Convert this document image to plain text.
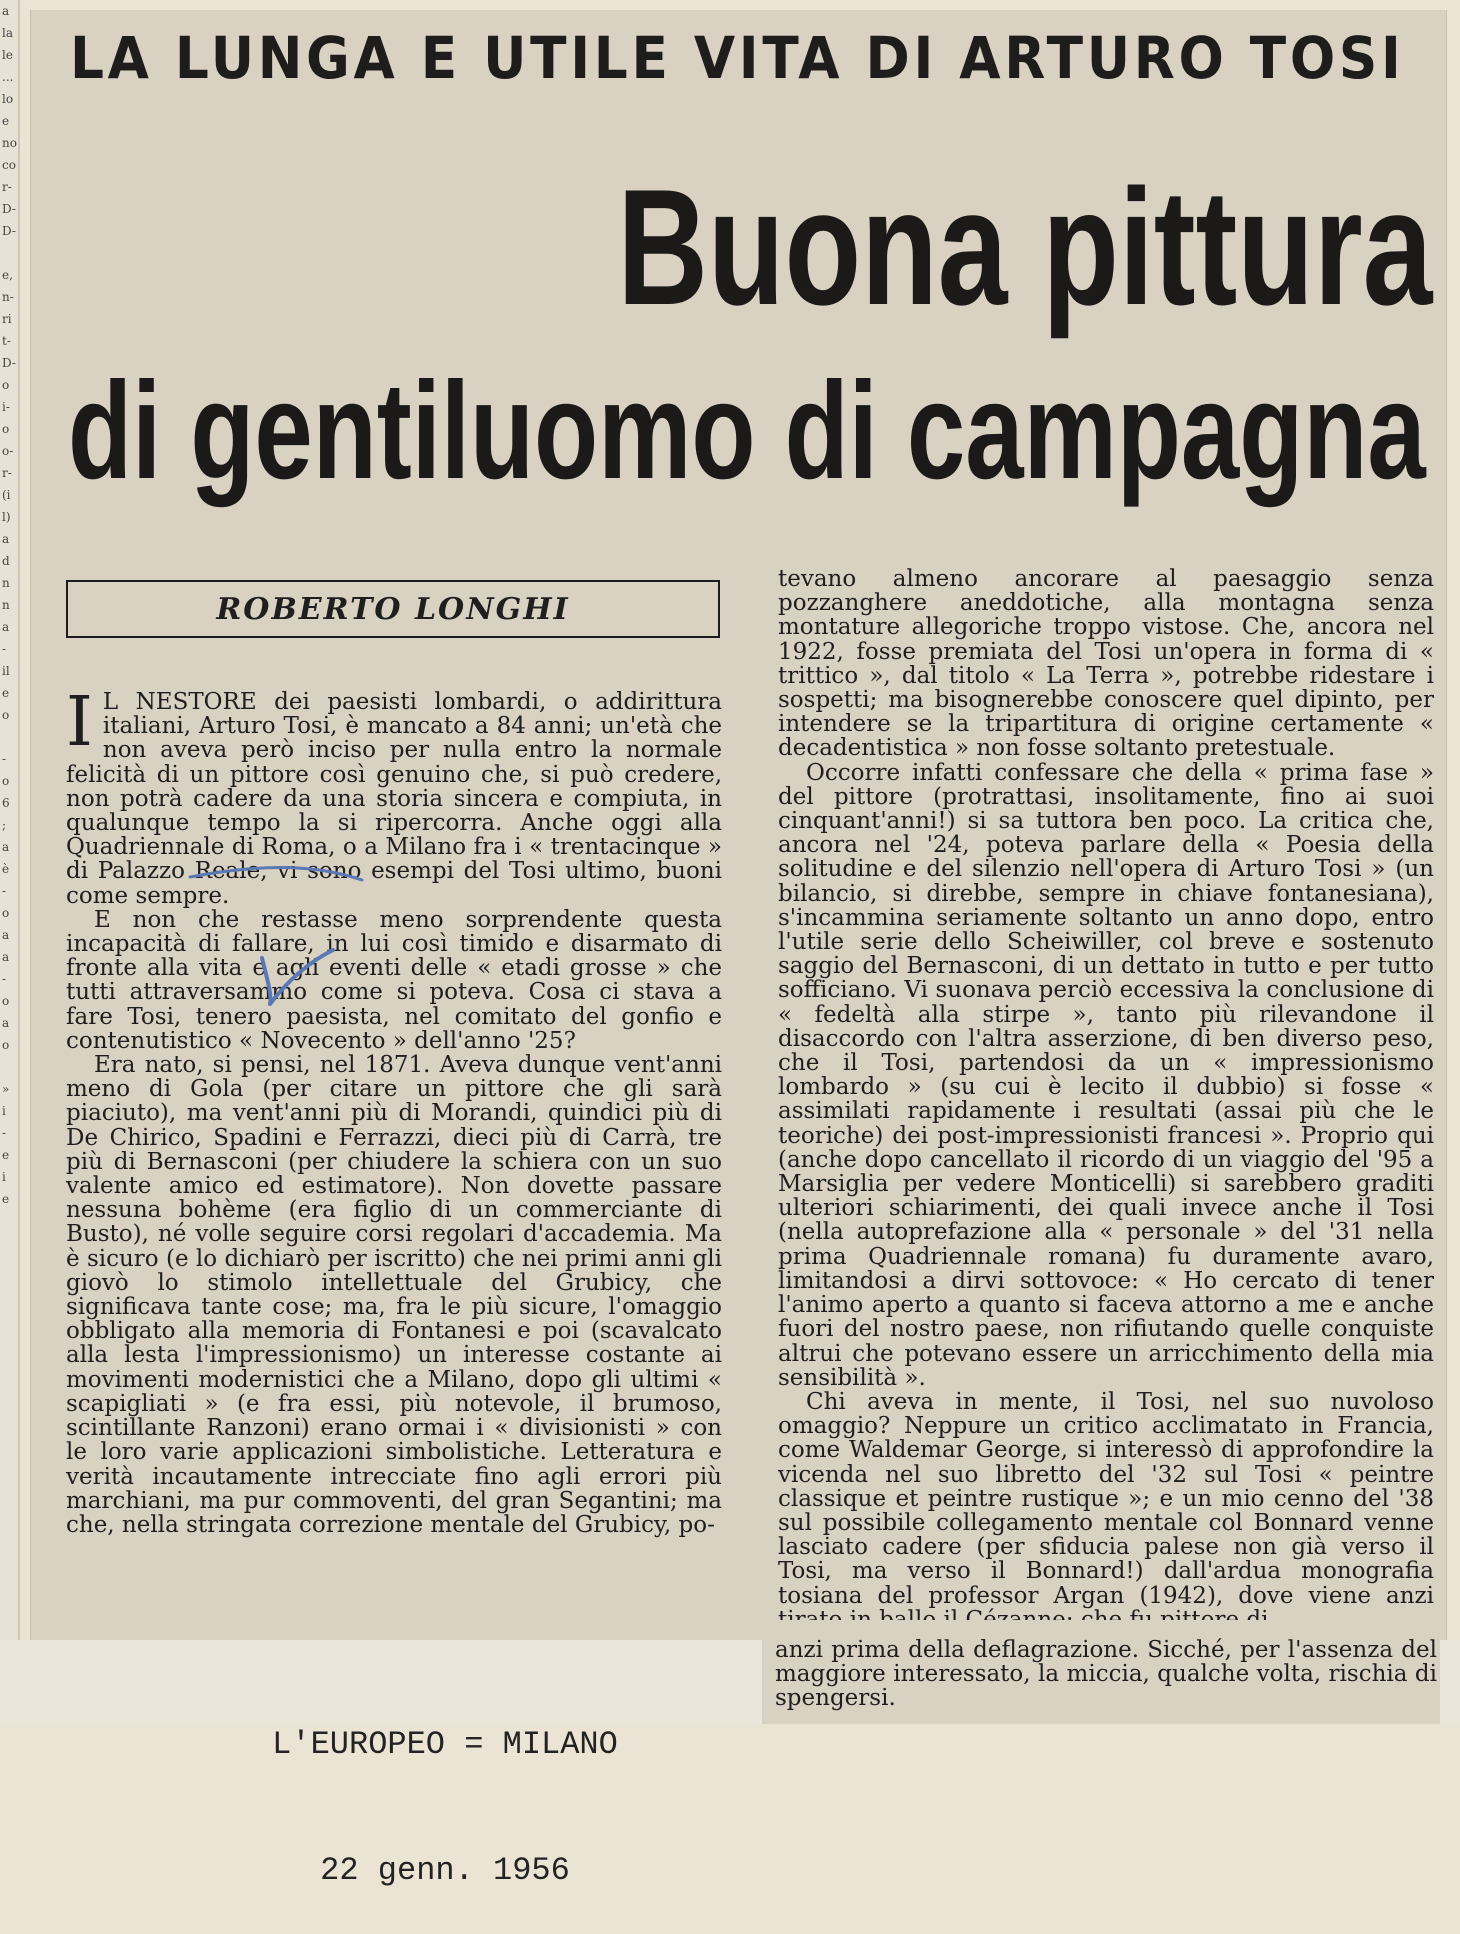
a
la
le
...
lo
e
no
co
r-
D-
D-

e,
n-
ri
t-
D-
o
i-
o
o-
r-
(i
l)
a
d
n
n
a
-
il
e
o

-
o
6
;
a
è
-
o
a
a
-
o
a
o

»
i
-
e
i
e
LA LUNGA E UTILE VITA DI ARTURO TOSI
Buona pittura
di gentiluomo di campagna
ROBERTO LONGHI

I L NESTORE dei paesisti lombardi, o addirittura italiani, Arturo Tosi, è mancato a 84 anni; un'età che non aveva però inciso per nulla entro la normale felicità di un pittore così genuino che, si può credere, non potrà cadere da una storia sincera e compiuta, in qualunque tempo la si ripercorra. Anche oggi alla Quadriennale di Roma, o a Milano fra i « trentacinque » di Palazzo Reale, vi sono esempi del Tosi ultimo, buoni come sempre.

E non che restasse meno sorprendente questa incapacità di fallare, in lui così timido e disarmato di fronte alla vita e agli eventi delle « etadi grosse » che tutti attraversammo come si poteva. Cosa ci stava a fare Tosi, tenero paesista, nel comitato del gonfio e contenutistico « Novecento » dell'anno '25?

Era nato, si pensi, nel 1871. Aveva dunque vent'anni meno di Gola (per citare un pittore che gli sarà piaciuto), ma vent'anni più di Morandi, quindici più di De Chirico, Spadini e Ferrazzi, dieci più di Carrà, tre più di Bernasconi (per chiudere la schiera con un suo valente amico ed estimatore). Non dovette passare nessuna bohème (era figlio di un commerciante di Busto), né volle seguire corsi regolari d'accademia. Ma è sicuro (e lo dichiarò per iscritto) che nei primi anni gli giovò lo stimolo intellettuale del Grubicy, che significava tante cose; ma, fra le più sicure, l'omaggio obbligato alla memoria di Fontanesi e poi (scavalcato alla lesta l'impressionismo) un interesse costante ai movimenti modernistici che a Milano, dopo gli ultimi « scapigliati » (e fra essi, più notevole, il brumoso, scintillante Ranzoni) erano ormai i « divisionisti » con le loro varie applicazioni simbolistiche. Letteratura e verità incautamente intrecciate fino agli errori più marchiani, ma pur commoventi, del gran Segantini; ma che, nella stringata correzione mentale del Grubicy, po-

tevano almeno ancorare al paesaggio senza pozzanghere aneddotiche, alla montagna senza montature allegoriche troppo vistose. Che, ancora nel 1922, fosse premiata del Tosi un'opera in forma di « trittico », dal titolo « La Terra », potrebbe ridestare i sospetti; ma bisognerebbe conoscere quel dipinto, per intendere se la tripartitura di origine certamente « decadentistica » non fosse soltanto pretestuale.

Occorre infatti confessare che della « prima fase » del pittore (protrattasi, insolitamente, fino ai suoi cinquant'anni!) si sa tuttora ben poco. La critica che, ancora nel '24, poteva parlare della « Poesia della solitudine e del silenzio nell'opera di Arturo Tosi » (un bilancio, si direbbe, sempre in chiave fontanesiana), s'incammina seriamente soltanto un anno dopo, entro l'utile serie dello Scheiwiller, col breve e sostenuto saggio del Bernasconi, di un dettato in tutto e per tutto sofficiano. Vi suonava perciò eccessiva la conclusione di « fedeltà alla stirpe », tanto più rilevandone il disaccordo con l'altra asserzione, di ben diverso peso, che il Tosi, partendosi da un « impressionismo lombardo » (su cui è lecito il dubbio) si fosse « assimilati rapidamente i resultati (assai più che le teoriche) dei post-impressionisti francesi ». Proprio qui (anche dopo cancellato il ricordo di un viaggio del '95 a Marsiglia per vedere Monticelli) si sarebbero graditi ulteriori schiarimenti, dei quali invece anche il Tosi (nella autoprefazione alla « personale » del '31 nella prima Quadriennale romana) fu duramente avaro, limitandosi a dirvi sottovoce: « Ho cercato di tener l'animo aperto a quanto si faceva attorno a me e anche fuori del nostro paese, non rifiutando quelle conquiste altrui che potevano essere un arricchimento della mia sensibilità ».

Chi aveva in mente, il Tosi, nel suo nuvoloso omaggio? Neppure un critico acclimatato in Francia, come Waldemar George, si interessò di approfondire la vicenda nel suo libretto del '32 sul Tosi « peintre classique et peintre rustique »; e un mio cenno del '38 sul possibile collegamento mentale col Bonnard venne lasciato cadere (per sfiducia palese non già verso il Tosi, ma verso il Bonnard!) dall'ardua monografia tosiana del professor Argan (1942), dove viene anzi

anzi prima della deflagrazione. Sicché, per l'assenza del maggiore interessato, la miccia, qualche volta, rischia di spengersi.

L'EUROPEO = MILANO

22 genn. 1956
